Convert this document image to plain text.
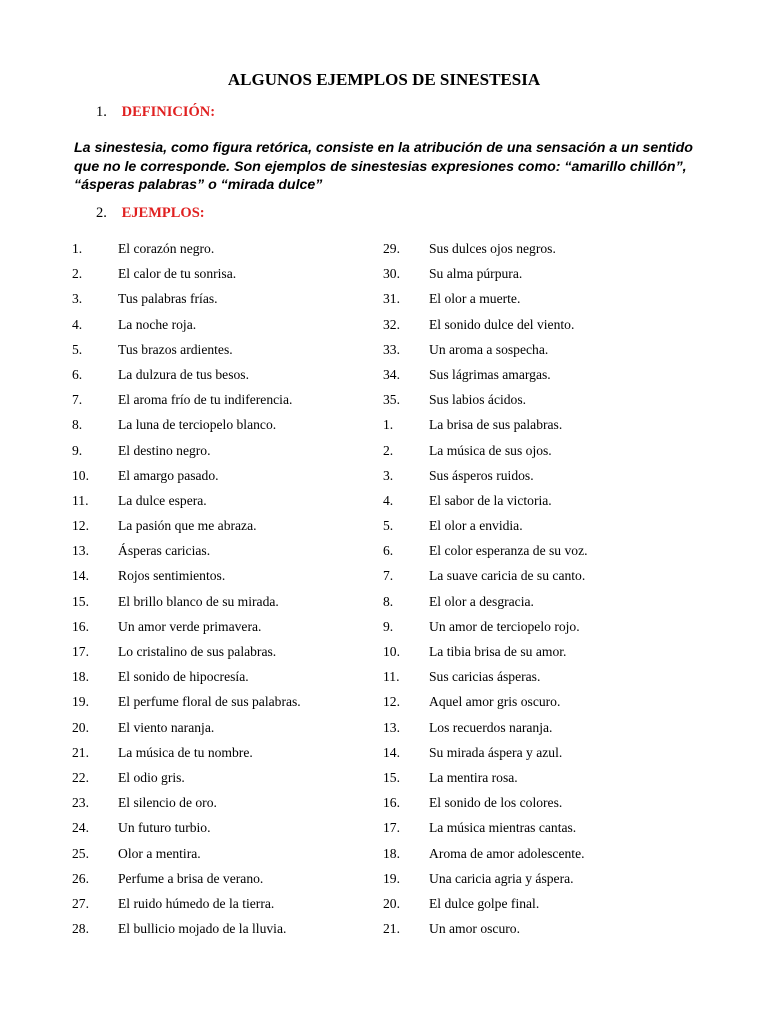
ALGUNOS EJEMPLOS DE SINESTESIA

1. DEFINICIÓN:

La sinestesia, como figura retórica, consiste en la atribución de una sensación a un sentido que no le corresponde. Son ejemplos de sinestesias expresiones como: “amarillo chillón”, “ásperas palabras” o “mirada dulce”

2. EJEMPLOS:

1.	El corazón negro.
2.	El calor de tu sonrisa.
3.	Tus palabras frías.
4.	La noche roja.
5.	Tus brazos ardientes.
6.	La dulzura de tus besos.
7.	El aroma frío de tu indiferencia.
8.	La luna de terciopelo blanco.
9.	El destino negro.
10. El amargo pasado.
11. La dulce espera.
12. La pasión que me abraza.
13. Ásperas caricias.
14. Rojos sentimientos.
15. El brillo blanco de su mirada.
16. Un amor verde primavera.
17. Lo cristalino de sus palabras.
18. El sonido de hipocresía.
19. El perfume floral de sus palabras.
20. El viento naranja.
21. La música de tu nombre.
22. El odio gris.
23. El silencio de oro.
24. Un futuro turbio.
25. Olor a mentira.
26. Perfume a brisa de verano.
27. El ruido húmedo de la tierra.
28. El bullicio mojado de la lluvia.
29. Sus dulces ojos negros.
30. Su alma púrpura.
31. El olor a muerte.
32. El sonido dulce del viento.
33. Un aroma a sospecha.
34. Sus lágrimas amargas.
35. Sus labios ácidos.
1.	La brisa de sus palabras.
2.	La música de sus ojos.
3.	Sus ásperos ruidos.
4.	El sabor de la victoria.
5.	El olor a envidia.
6.	El color esperanza de su voz.
7.	La suave caricia de su canto.
8.	El olor a desgracia.
9.	Un amor de terciopelo rojo.
10. La tibia brisa de su amor.
11. Sus caricias ásperas.
12. Aquel amor gris oscuro.
13. Los recuerdos naranja.
14. Su mirada áspera y azul.
15. La mentira rosa.
16. El sonido de los colores.
17. La música mientras cantas.
18. Aroma de amor adolescente.
19. Una caricia agria y áspera.
20. El dulce golpe final.
21. Un amor oscuro.
